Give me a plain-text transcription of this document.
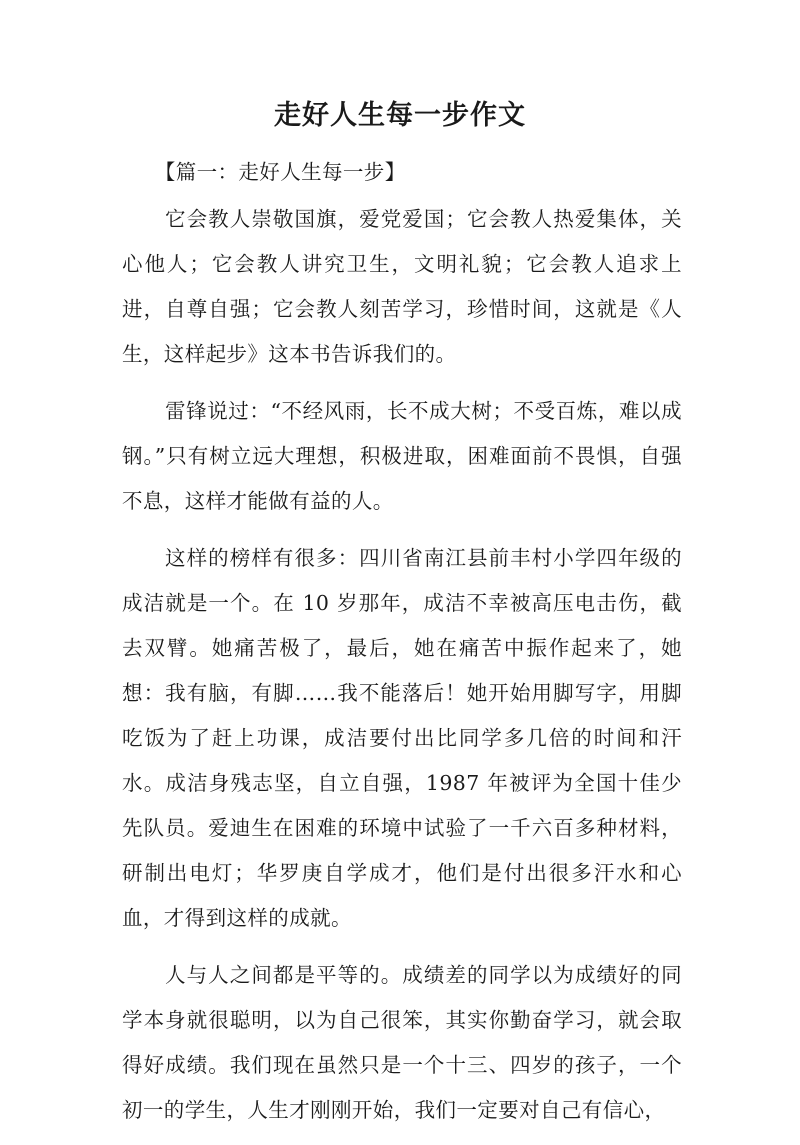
走好人生每一步作文

【篇一：走好人生每一步】

它会教人崇敬国旗，爱党爱国；它会教人热爱集体，关心他人；它会教人讲究卫生，文明礼貌；它会教人追求上进，自尊自强；它会教人刻苦学习，珍惜时间，这就是《人生，这样起步》这本书告诉我们的。

雷锋说过：“不经风雨，长不成大树；不受百炼，难以成钢。”只有树立远大理想，积极进取，困难面前不畏惧，自强不息，这样才能做有益的人。

这样的榜样有很多：四川省南江县前丰村小学四年级的成洁就是一个。在 10 岁那年，成洁不幸被高压电击伤，截去双臂。她痛苦极了，最后，她在痛苦中振作起来了，她想：我有脑，有脚……我不能落后！她开始用脚写字，用脚吃饭为了赶上功课，成洁要付出比同学多几倍的时间和汗水。成洁身残志坚，自立自强，1987 年被评为全国十佳少先队员。爱迪生在困难的环境中试验了一千六百多种材料，研制出电灯；华罗庚自学成才，他们是付出很多汗水和心血，才得到这样的成就。

人与人之间都是平等的。成绩差的同学以为成绩好的同学本身就很聪明，以为自己很笨，其实你勤奋学习，就会取得好成绩。我们现在虽然只是一个十三、四岁的孩子，一个初一的学生，人生才刚刚开始，我们一定要对自己有信心，
